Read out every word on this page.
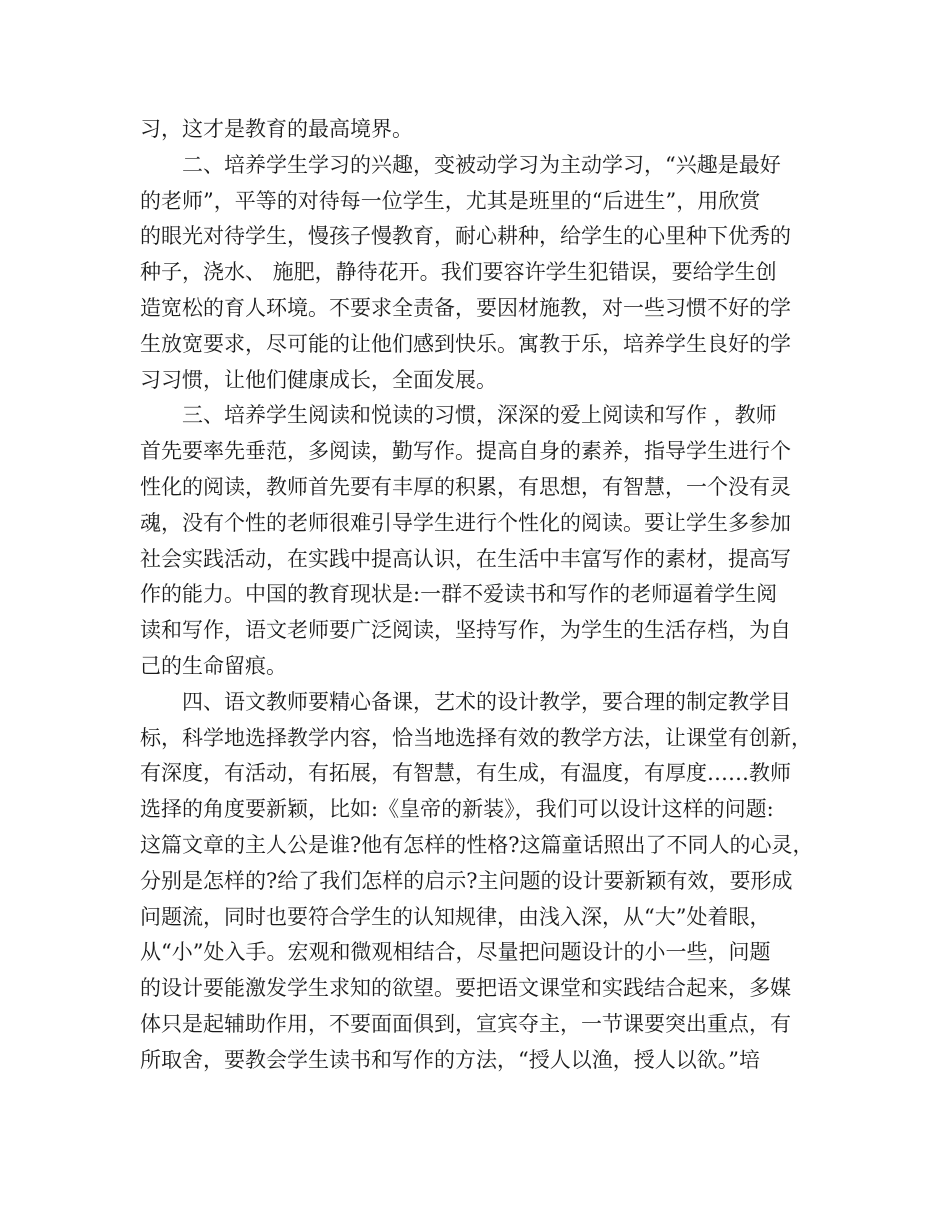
习，这才是教育的最高境界。
二、培养学生学习的兴趣，变被动学习为主动学习，“兴趣是最好
的老师”，平等的对待每一位学生，尤其是班里的“后进生”，用欣赏
的眼光对待学生，慢孩子慢教育，耐心耕种，给学生的心里种下优秀的
种子，浇水、 施肥，静待花开。我们要容许学生犯错误，要给学生创
造宽松的育人环境。不要求全责备，要因材施教，对一些习惯不好的学
生放宽要求，尽可能的让他们感到快乐。寓教于乐，培养学生良好的学
习习惯，让他们健康成长，全面发展。
三、培养学生阅读和悦读的习惯，深深的爱上阅读和写作 ，教师
首先要率先垂范，多阅读，勤写作。提高自身的素养，指导学生进行个
性化的阅读，教师首先要有丰厚的积累，有思想，有智慧，一个没有灵
魂，没有个性的老师很难引导学生进行个性化的阅读。要让学生多参加
社会实践活动，在实践中提高认识，在生活中丰富写作的素材，提高写
作的能力。中国的教育现状是:一群不爱读书和写作的老师逼着学生阅
读和写作，语文老师要广泛阅读，坚持写作，为学生的生活存档，为自
己的生命留痕。
四、语文教师要精心备课，艺术的设计教学，要合理的制定教学目
标，科学地选择教学内容，恰当地选择有效的教学方法，让课堂有创新，
有深度，有活动，有拓展，有智慧，有生成，有温度，有厚度……教师
选择的角度要新颖，比如:《皇帝的新装》，我们可以设计这样的问题:
这篇文章的主人公是谁?他有怎样的性格?这篇童话照出了不同人的心灵，
分别是怎样的?给了我们怎样的启示?主问题的设计要新颖有效，要形成
问题流，同时也要符合学生的认知规律，由浅入深，从“大”处着眼，
从“小”处入手。宏观和微观相结合，尽量把问题设计的小一些，问题
的设计要能激发学生求知的欲望。要把语文课堂和实践结合起来，多媒
体只是起辅助作用，不要面面俱到，宣宾夺主，一节课要突出重点，有
所取舍，要教会学生读书和写作的方法，“授人以渔，授人以欲。”培
